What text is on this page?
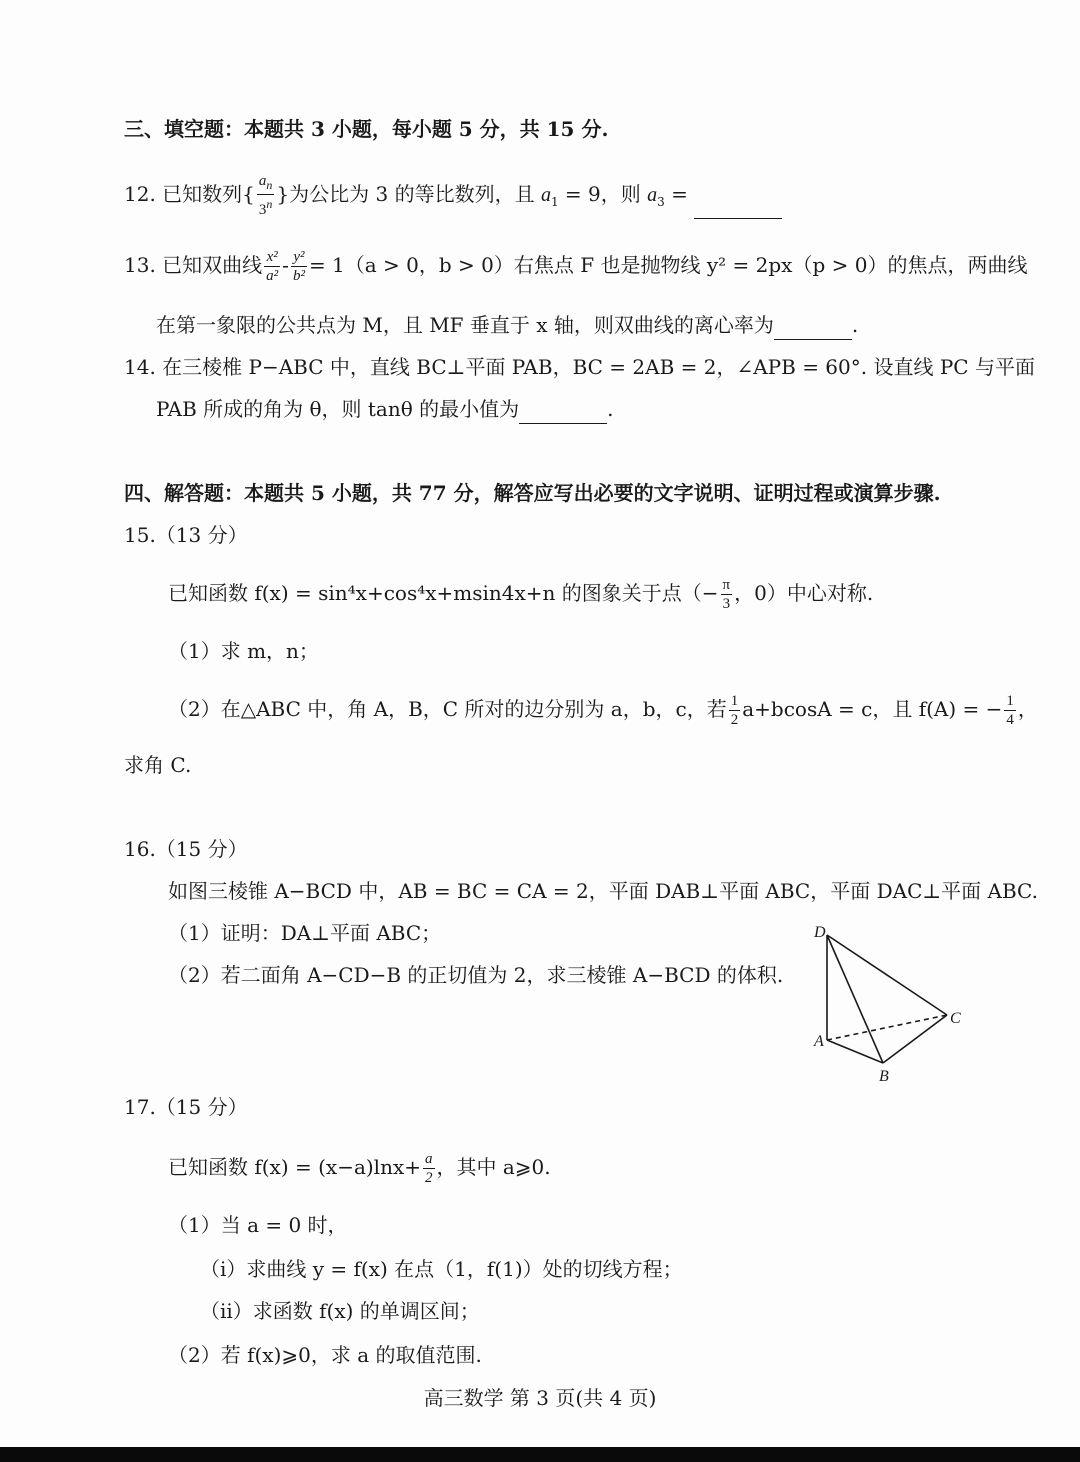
三、填空题：本题共 3 小题，每小题 5 分，共 15 分.
12. 已知数列{ $\frac{a_n}{3^n}$ }为公比为 3 的等比数列，且 $a_1 = 9$，则 $a_3$ =
13. 已知双曲线 $\frac{\text{x²}}{\text{a²}} - \frac{\text{y²}}{\text{b²}} = 1(a > 0$，b > 0）右焦点 F 也是抛物线 y² = 2px（p > 0）的焦点，两曲线
在第一象限的公共点为 M，且 MF 垂直于 x 轴，则双曲线的离心率为	.
14. 在三棱椎 P−ABC 中，直线 BC⊥平面 PAB，BC = 2AB = 2，∠APB = 60°. 设直线 PC 与平面
PAB 所成的角为 θ，则 tanθ 的最小值为	.
四、解答题：本题共 5 小题，共 77 分，解答应写出必要的文字说明、证明过程或演算步骤.
15.（13 分）
已知函数 f(x) = sin⁴x+cos⁴x+msin4x+n 的图象关于点（− $\frac{\pi}{3}$ ，0）中心对称.
（1）求 m，n；
（2）在△ABC 中，角 A，B，C 所对的边分别为 a，b，c，若 $\frac{1}{2} a+bcosA = c$，且 f(A) = − $\frac{1}{4}$ ，
求角 C.
16.（15 分）
如图三棱锥 A−BCD 中，AB = BC = CA = 2，平面 DAB⊥平面 ABC，平面 DAC⊥平面 ABC.
（1）证明：DA⊥平面 ABC；
（2）若二面角 A−CD−B 的正切值为 2，求三棱锥 A−BCD 的体积.
D
A
B
C
17.（15 分）
已知函数 $f(x) = (x-a)\ln x+ \frac{a}{2}$ ，其中 a⩾0.
（1）当 a = 0 时，
（i）求曲线 y = f(x) 在点（1，f(1)）处的切线方程；
（ii）求函数 f(x) 的单调区间；
（2）若 f(x)⩾0，求 a 的取值范围.
高三数学 第 3 页(共 4 页)
